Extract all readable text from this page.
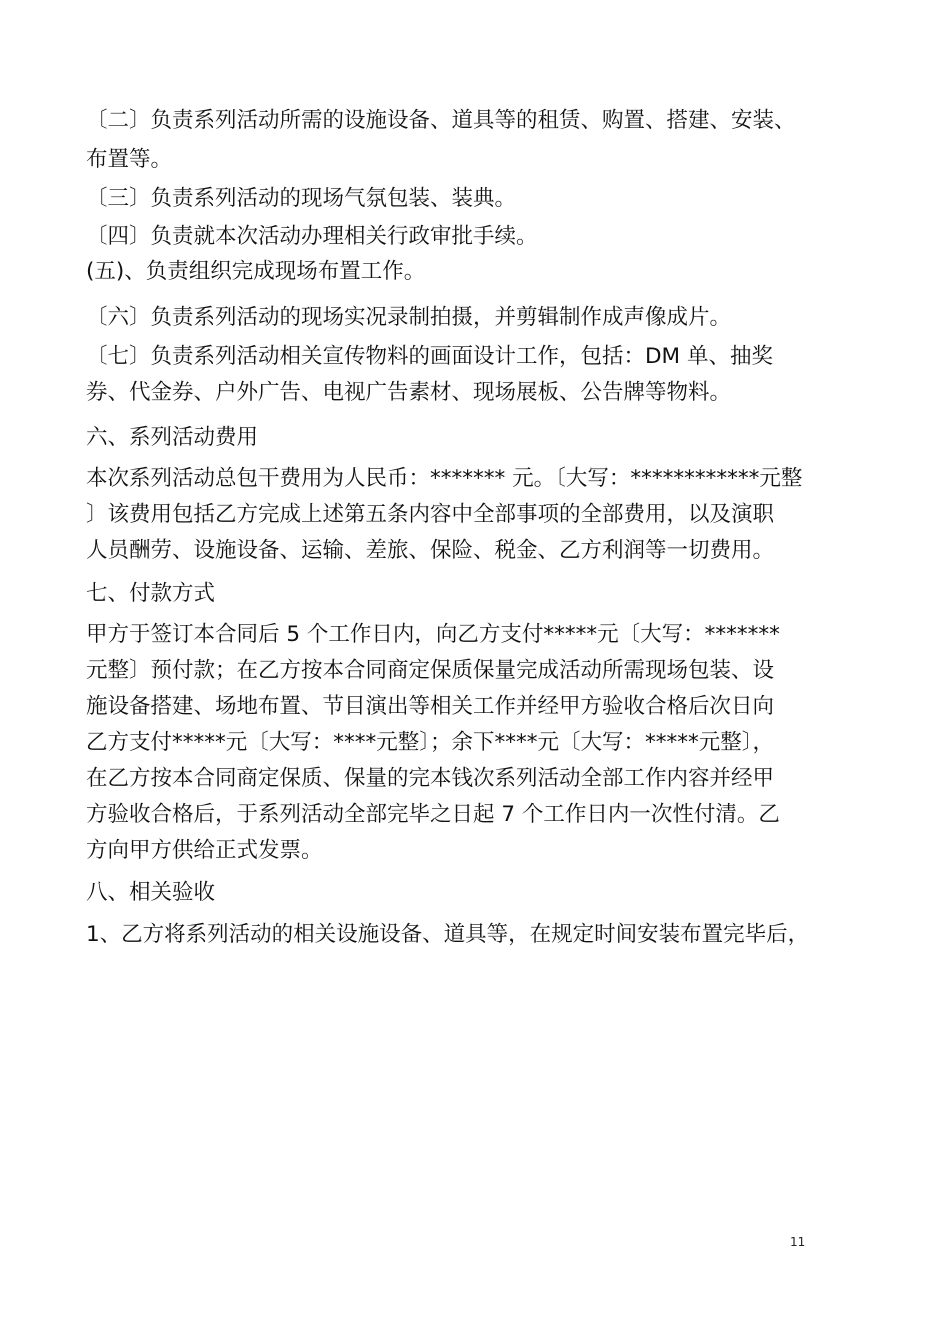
〔二〕负责系列活动所需的设施设备、道具等的租赁、购置、搭建、安装、
布置等。
〔三〕负责系列活动的现场气氛包装、装典。
〔四〕负责就本次活动办理相关行政审批手续。
(五)、负责组织完成现场布置工作。
〔六〕负责系列活动的现场实况录制拍摄，并剪辑制作成声像成片。
〔七〕负责系列活动相关宣传物料的画面设计工作，包括：DM 单、抽奖
券、代金券、户外广告、电视广告素材、现场展板、公告牌等物料。
六、系列活动费用
本次系列活动总包干费用为人民币：******* 元。〔大写：************元整
〕该费用包括乙方完成上述第五条内容中全部事项的全部费用，以及演职
人员酬劳、设施设备、运输、差旅、保险、税金、乙方利润等一切费用。
七、付款方式
甲方于签订本合同后 5 个工作日内，向乙方支付*****元〔大写：*******
元整〕预付款；在乙方按本合同商定保质保量完成活动所需现场包装、设
施设备搭建、场地布置、节目演出等相关工作并经甲方验收合格后次日向
乙方支付*****元〔大写：****元整〕；余下****元〔大写：*****元整〕，
在乙方按本合同商定保质、保量的完本钱次系列活动全部工作内容并经甲
方验收合格后，于系列活动全部完毕之日起 7 个工作日内一次性付清。乙
方向甲方供给正式发票。
八、相关验收
1、乙方将系列活动的相关设施设备、道具等，在规定时间安装布置完毕后，
11
